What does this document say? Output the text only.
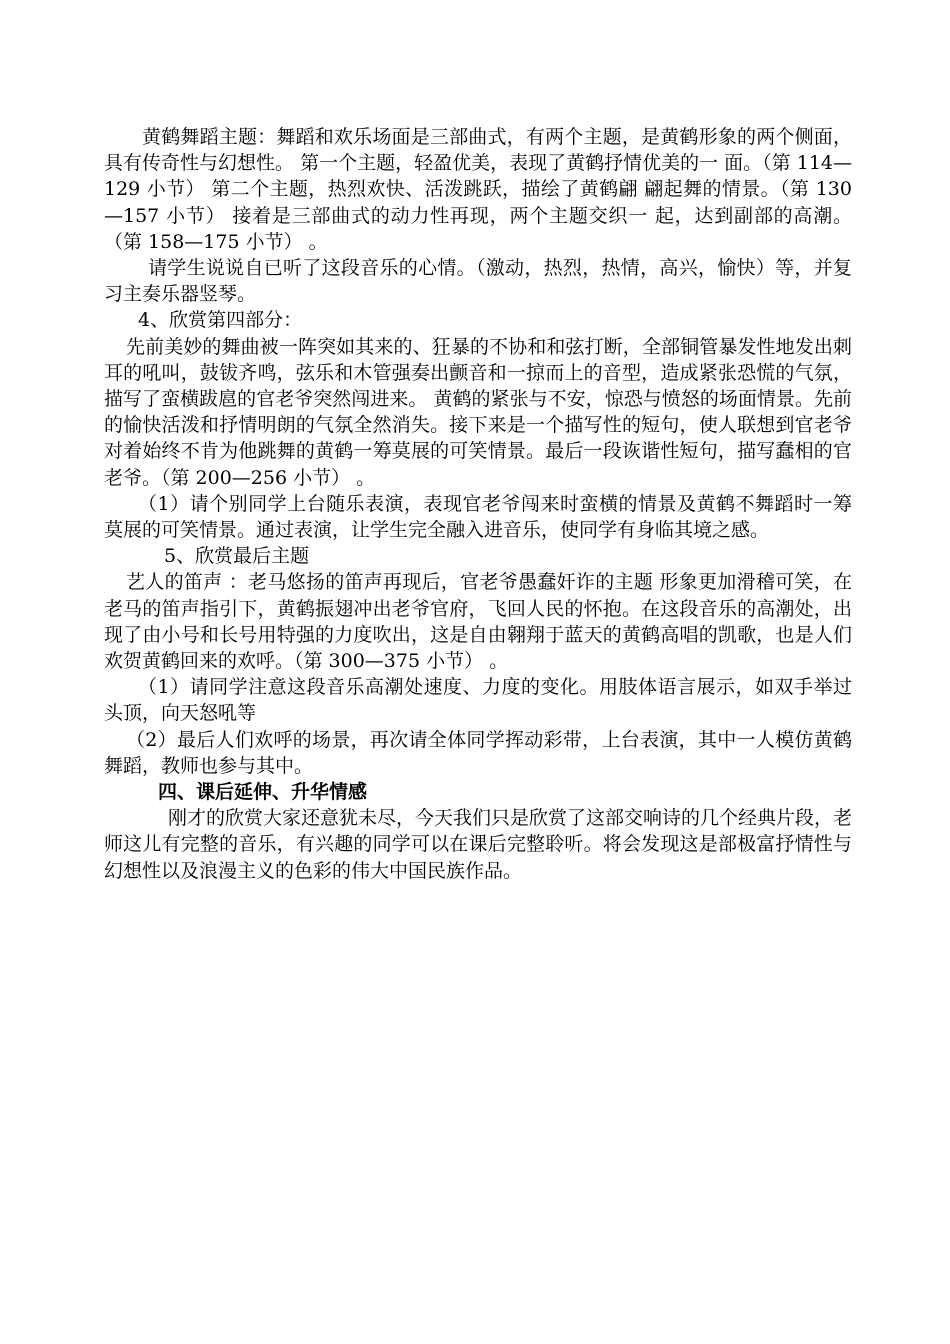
黄鹤舞蹈主题：舞蹈和欢乐场面是三部曲式，有两个主题，是黄鹤形象的两个侧面，具有传奇性与幻想性。 第一个主题，轻盈优美，表现了黄鹤抒情优美的一 面。（第 114—129 小节） 第二个主题，热烈欢快、活泼跳跃，描绘了黄鹤翩 翩起舞的情景。（第 130—157 小节） 接着是三部曲式的动力性再现，两个主题交织一 起，达到副部的高潮。 （第 158—175 小节） 。

请学生说说自已听了这段音乐的心情。（激动，热烈，热情，高兴，愉快）等，并复习主奏乐器竖琴。

4、欣赏第四部分：

先前美妙的舞曲被一阵突如其来的、狂暴的不协和和弦打断，全部铜管暴发性地发出刺耳的吼叫，鼓钹齐鸣，弦乐和木管强奏出颤音和一掠而上的音型，造成紧张恐慌的气氛，描写了蛮横跋扈的官老爷突然闯进来。 黄鹤的紧张与不安，惊恐与愤怒的场面情景。先前的愉快活泼和抒情明朗的气氛全然消失。接下来是一个描写性的短句，使人联想到官老爷对着始终不肯为他跳舞的黄鹤一筹莫展的可笑情景。最后一段诙谐性短句，描写蠢相的官老爷。（第 200—256 小节） 。

（1）请个别同学上台随乐表演，表现官老爷闯来时蛮横的情景及黄鹤不舞蹈时一筹莫展的可笑情景。通过表演，让学生完全融入进音乐，使同学有身临其境之感。

5、欣赏最后主题

艺人的笛声 ：老马悠扬的笛声再现后，官老爷愚蠢奸诈的主题 形象更加滑稽可笑，在老马的笛声指引下，黄鹤振翅冲出老爷官府，飞回人民的怀抱。在这段音乐的高潮处，出现了由小号和长号用特强的力度吹出，这是自由翱翔于蓝天的黄鹤高唱的凯歌，也是人们欢贺黄鹤回来的欢呼。（第 300—375 小节） 。

（1）请同学注意这段音乐高潮处速度、力度的变化。用肢体语言展示，如双手举过头顶，向天怒吼等

（2）最后人们欢呼的场景，再次请全体同学挥动彩带，上台表演，其中一人模仿黄鹤舞蹈，教师也参与其中。

四、课后延伸、升华情感

刚才的欣赏大家还意犹未尽，今天我们只是欣赏了这部交响诗的几个经典片段，老师这儿有完整的音乐，有兴趣的同学可以在课后完整聆听。将会发现这是部极富抒情性与幻想性以及浪漫主义的色彩的伟大中国民族作品。
